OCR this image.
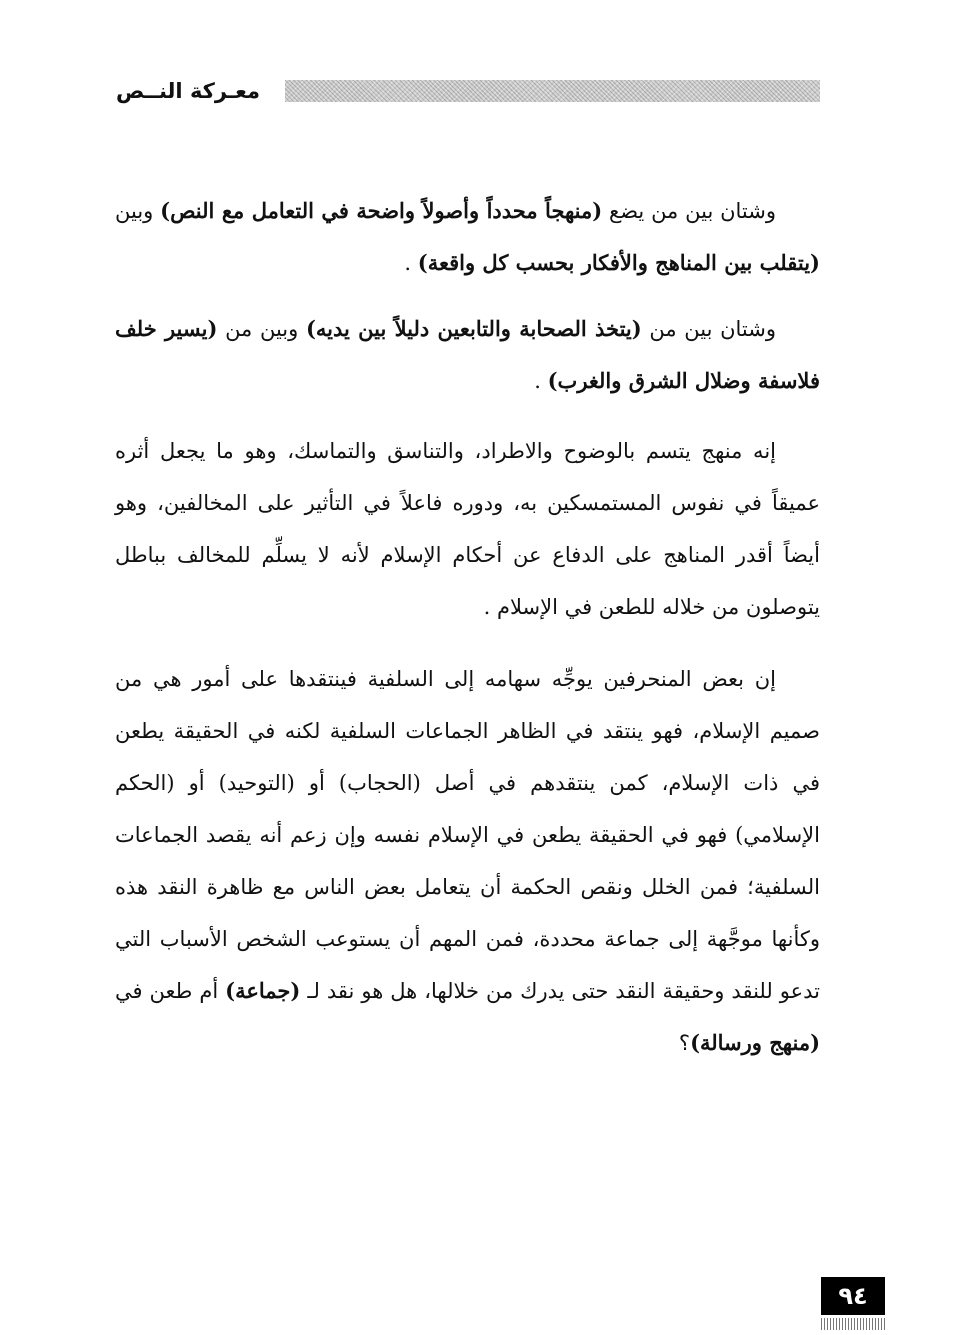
معـركة النــص

وشتان بين من يضع (منهجاً محدداً وأصولاً واضحة في التعامل مع النص) وبين (يتقلب بين المناهج والأفكار بحسب كل واقعة) .

وشتان بين من (يتخذ الصحابة والتابعين دليلاً بين يديه) وبين من (يسير خلف فلاسفة وضلال الشرق والغرب) .

إنه منهج يتسم بالوضوح والاطراد، والتناسق والتماسك، وهو ما يجعل أثره عميقاً في نفوس المستمسكين به، ودوره فاعلاً في التأثير على المخالفين، وهو أيضاً أقدر المناهج على الدفاع عن أحكام الإسلام لأنه لا يسلِّم للمخالف بباطل يتوصلون من خلاله للطعن في الإسلام .

إن بعض المنحرفين يوجِّه سهامه إلى السلفية فينتقدها على أمور هي من صميم الإسلام، فهو ينتقد في الظاهر الجماعات السلفية لكنه في الحقيقة يطعن في ذات الإسلام، كمن ينتقدهم في أصل (الحجاب) أو (التوحيد) أو (الحكم الإسلامي) فهو في الحقيقة يطعن في الإسلام نفسه وإن زعم أنه يقصد الجماعات السلفية؛ فمن الخلل ونقص الحكمة أن يتعامل بعض الناس مع ظاهرة النقد هذه وكأنها موجَّهة إلى جماعة محددة، فمن المهم أن يستوعب الشخص الأسباب التي تدعو للنقد وحقيقة النقد حتى يدرك من خلالها، هل هو نقد لـ (جماعة) أم طعن في (منهج ورسالة)؟

٩٤
